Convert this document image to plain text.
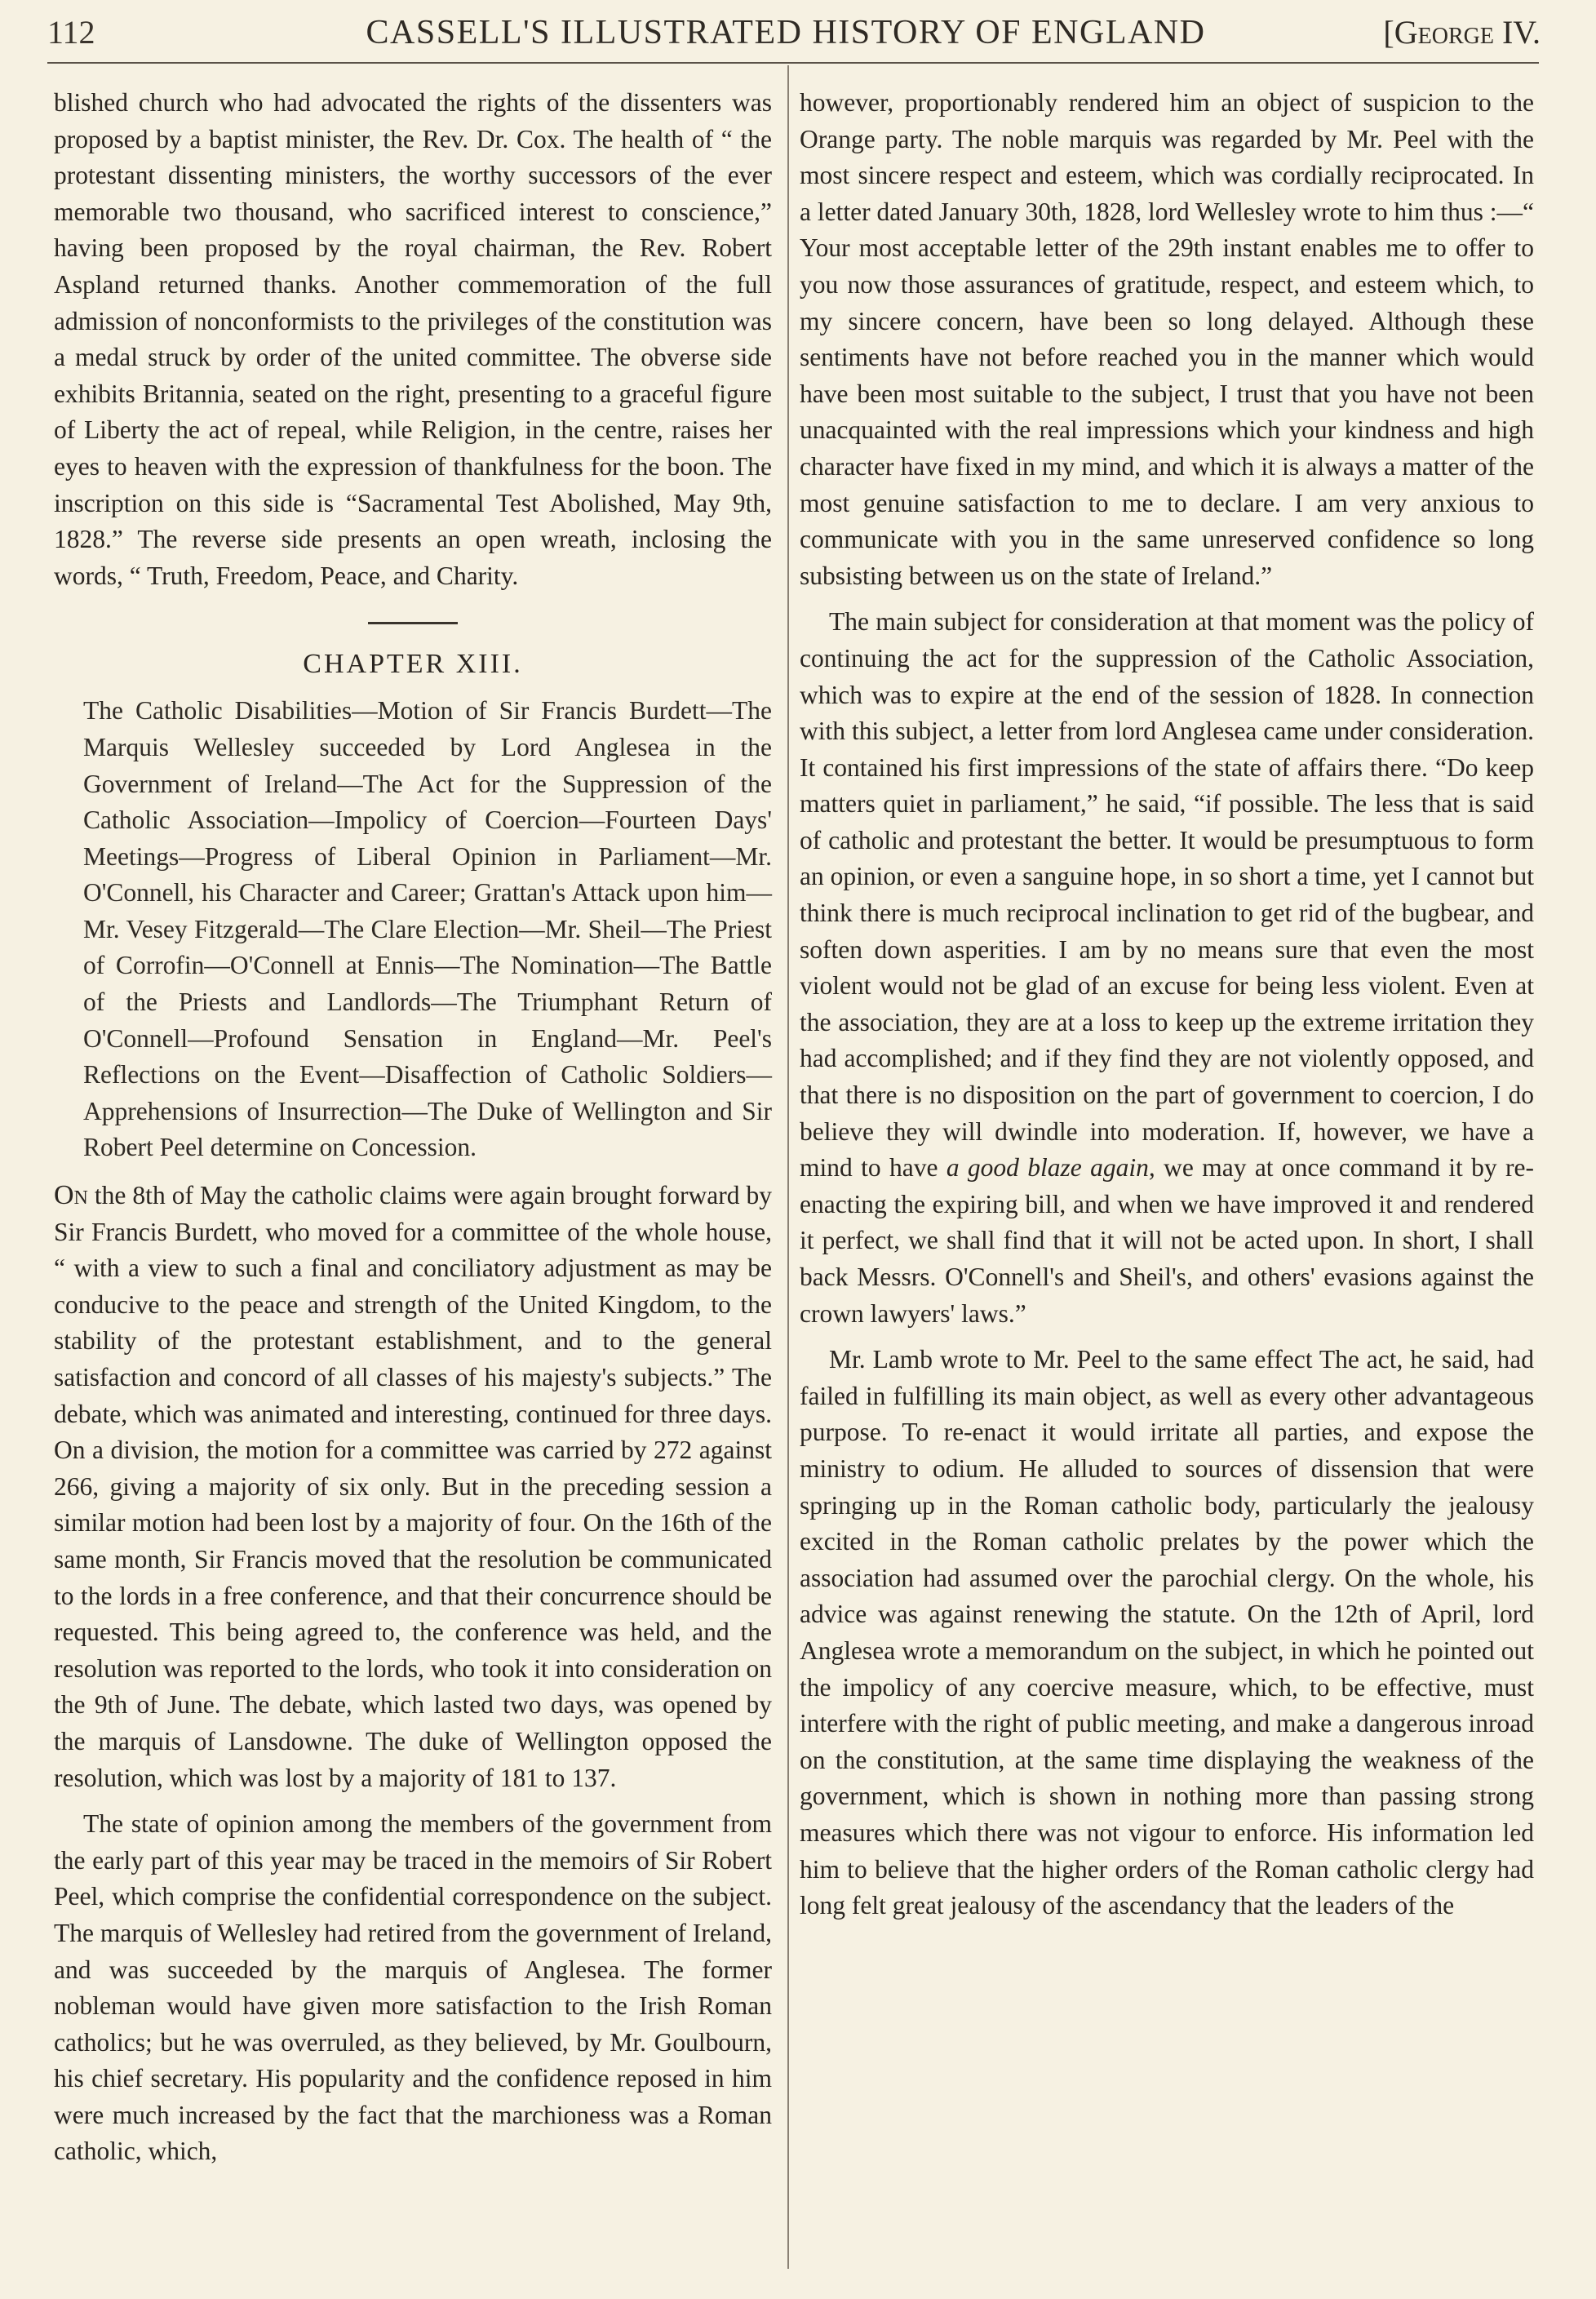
112	CASSELL'S ILLUSTRATED HISTORY OF ENGLAND	[George IV.

blished church who had advocated the rights of the dissenters was proposed by a baptist minister, the Rev. Dr. Cox. The health of “ the protestant dissenting ministers, the worthy successors of the ever memorable two thousand, who sacrificed interest to conscience,” having been proposed by the royal chairman, the Rev. Robert Aspland returned thanks. Another commemoration of the full admission of nonconformists to the privileges of the constitution was a medal struck by order of the united committee. The obverse side exhibits Britannia, seated on the right, presenting to a graceful figure of Liberty the act of repeal, while Religion, in the centre, raises her eyes to heaven with the expression of thankfulness for the boon. The inscription on this side is “Sacramental Test Abolished, May 9th, 1828.” The reverse side presents an open wreath, inclosing the words, “ Truth, Freedom, Peace, and Charity.

CHAPTER XIII.

The Catholic Disabilities—Motion of Sir Francis Burdett—The Marquis Wellesley succeeded by Lord Anglesea in the Government of Ireland—The Act for the Suppression of the Catholic Association—Impolicy of Coercion—Fourteen Days' Meetings—Progress of Liberal Opinion in Parliament—Mr. O'Connell, his Character and Career; Grattan's Attack upon him—Mr. Vesey Fitzgerald—The Clare Election—Mr. Sheil—The Priest of Corrofin—O'Connell at Ennis—The Nomination—The Battle of the Priests and Landlords—The Triumphant Return of O'Connell—Profound Sensation in England—Mr. Peel's Reflections on the Event—Disaffection of Catholic Soldiers—Apprehensions of Insurrection—The Duke of Wellington and Sir Robert Peel determine on Concession.

On the 8th of May the catholic claims were again brought forward by Sir Francis Burdett, who moved for a committee of the whole house, “ with a view to such a final and conciliatory adjustment as may be conducive to the peace and strength of the United Kingdom, to the stability of the protestant establishment, and to the general satisfaction and concord of all classes of his majesty's subjects.” The debate, which was animated and interesting, continued for three days. On a division, the motion for a committee was carried by 272 against 266, giving a majority of six only. But in the preceding session a similar motion had been lost by a majority of four. On the 16th of the same month, Sir Francis moved that the resolution be communicated to the lords in a free conference, and that their concurrence should be requested. This being agreed to, the conference was held, and the resolution was reported to the lords, who took it into consideration on the 9th of June. The debate, which lasted two days, was opened by the marquis of Lansdowne. The duke of Wellington opposed the resolution, which was lost by a majority of 181 to 137.

The state of opinion among the members of the government from the early part of this year may be traced in the memoirs of Sir Robert Peel, which comprise the confidential correspondence on the subject. The marquis of Wellesley had retired from the government of Ireland, and was succeeded by the marquis of Anglesea. The former nobleman would have given more satisfaction to the Irish Roman catholics; but he was overruled, as they believed, by Mr. Goulbourn, his chief secretary. His popularity and the confidence reposed in him were much increased by the fact that the marchioness was a Roman catholic, which,

however, proportionably rendered him an object of suspicion to the Orange party. The noble marquis was regarded by Mr. Peel with the most sincere respect and esteem, which was cordially reciprocated. In a letter dated January 30th, 1828, lord Wellesley wrote to him thus :—“ Your most acceptable letter of the 29th instant enables me to offer to you now those assurances of gratitude, respect, and esteem which, to my sincere concern, have been so long delayed. Although these sentiments have not before reached you in the manner which would have been most suitable to the subject, I trust that you have not been unacquainted with the real impressions which your kindness and high character have fixed in my mind, and which it is always a matter of the most genuine satisfaction to me to declare. I am very anxious to communicate with you in the same unreserved confidence so long subsisting between us on the state of Ireland.”

The main subject for consideration at that moment was the policy of continuing the act for the suppression of the Catholic Association, which was to expire at the end of the session of 1828. In connection with this subject, a letter from lord Anglesea came under consideration. It contained his first impressions of the state of affairs there. “Do keep matters quiet in parliament,” he said, “if possible. The less that is said of catholic and protestant the better. It would be presumptuous to form an opinion, or even a sanguine hope, in so short a time, yet I cannot but think there is much reciprocal inclination to get rid of the bugbear, and soften down asperities. I am by no means sure that even the most violent would not be glad of an excuse for being less violent. Even at the association, they are at a loss to keep up the extreme irritation they had accomplished; and if they find they are not violently opposed, and that there is no disposition on the part of government to coercion, I do believe they will dwindle into moderation. If, however, we have a mind to have a good blaze again, we may at once command it by re-enacting the expiring bill, and when we have improved it and rendered it perfect, we shall find that it will not be acted upon. In short, I shall back Messrs. O'Connell's and Sheil's, and others' evasions against the crown lawyers' laws.”

Mr. Lamb wrote to Mr. Peel to the same effect The act, he said, had failed in fulfilling its main object, as well as every other advantageous purpose. To re-enact it would irritate all parties, and expose the ministry to odium. He alluded to sources of dissension that were springing up in the Roman catholic body, particularly the jealousy excited in the Roman catholic prelates by the power which the association had assumed over the parochial clergy. On the whole, his advice was against renewing the statute. On the 12th of April, lord Anglesea wrote a memorandum on the subject, in which he pointed out the impolicy of any coercive measure, which, to be effective, must interfere with the right of public meeting, and make a dangerous inroad on the constitution, at the same time displaying the weakness of the government, which is shown in nothing more than passing strong measures which there was not vigour to enforce. His information led him to believe that the higher orders of the Roman catholic clergy had long felt great jealousy of the ascendancy that the leaders of the
